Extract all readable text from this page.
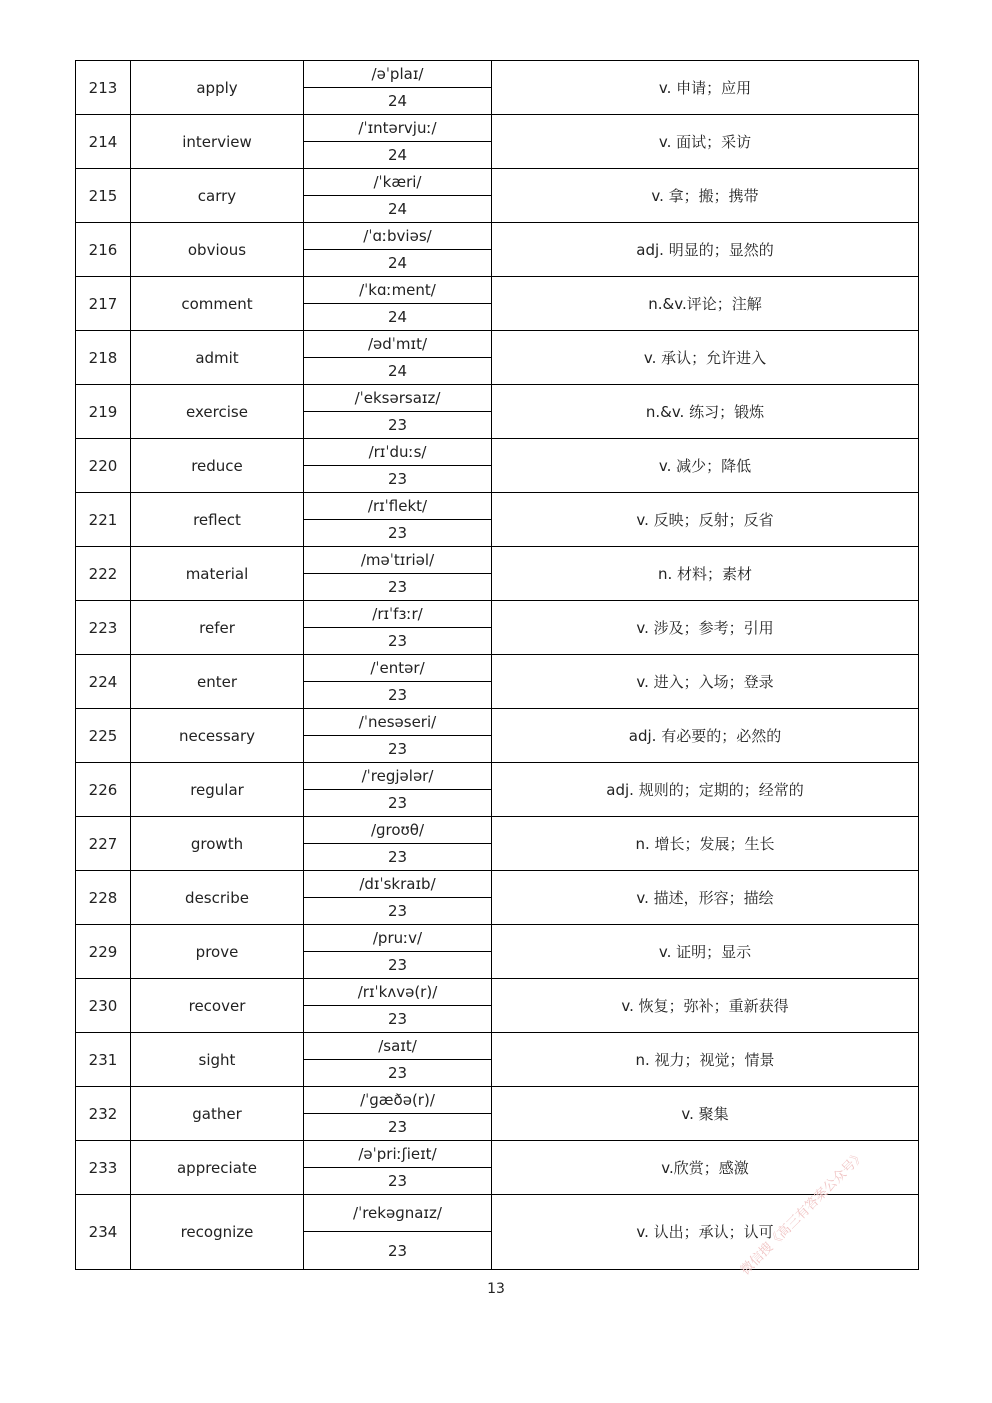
213	apply	/əˈplaɪ/	v. 申请；应用
		24	
214	interview	/ˈɪntərvjuː/	v. 面试；采访
		24	
215	carry	/ˈkæri/	v. 拿；搬；携带
		24	
216	obvious	/ˈɑːbviəs/	adj. 明显的；显然的
		24	
217	comment	/ˈkɑːment/	n.&v.评论；注解
		24	
218	admit	/ədˈmɪt/	v. 承认；允许进入
		24	
219	exercise	/ˈeksərsaɪz/	n.&v. 练习；锻炼
		23	
220	reduce	/rɪˈduːs/	v. 减少；降低
		23	
221	reflect	/rɪˈflekt/	v. 反映；反射；反省
		23	
222	material	/məˈtɪriəl/	n. 材料；素材
		23	
223	refer	/rɪˈfɜːr/	v. 涉及；参考；引用
		23	
224	enter	/ˈentər/	v. 进入；入场；登录
		23	
225	necessary	/ˈnesəseri/	adj. 有必要的；必然的
		23	
226	regular	/ˈregjələr/	adj. 规则的；定期的；经常的
		23	
227	growth	/ɡroʊθ/	n. 增长；发展；生长
		23	
228	describe	/dɪˈskraɪb/	v. 描述，形容；描绘
		23	
229	prove	/pruːv/	v. 证明；显示
		23	
230	recover	/rɪˈkʌvə(r)/	v. 恢复；弥补；重新获得
		23	
231	sight	/saɪt/	n. 视力；视觉；情景
		23	
232	gather	/ˈɡæðə(r)/	v. 聚集
		23	
233	appreciate	/əˈpriːʃieɪt/	v.欣赏；感激
		23	
234	recognize	/ˈrekəɡnaɪz/	v. 认出；承认；认可
		23	
13
微信搜《高三有答案公众号》
